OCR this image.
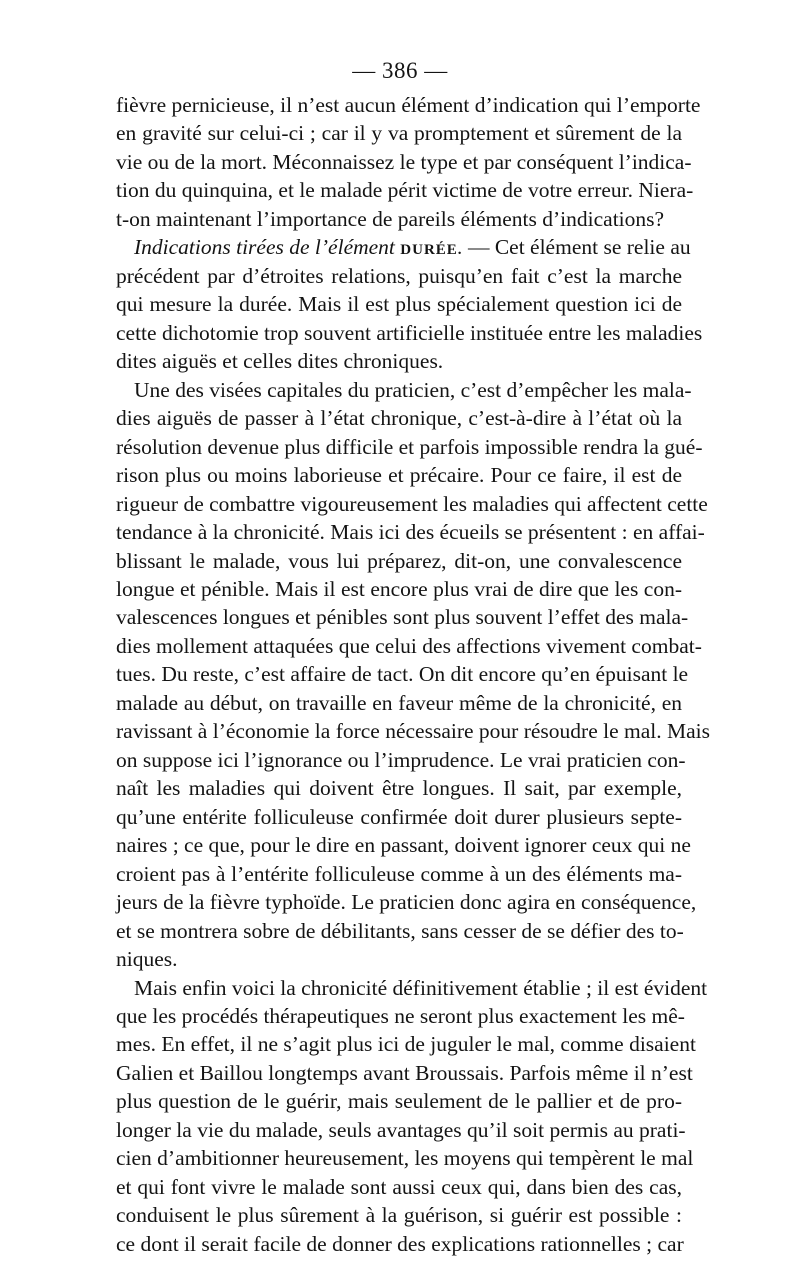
— 386 —
fièvre pernicieuse, il n’est aucun élément d’indication qui l’emporte
en gravité sur celui-ci ; car il y va promptement et sûrement de la
vie ou de la mort. Méconnaissez le type et par conséquent l’indica-
tion du quinquina, et le malade périt victime de votre erreur. Niera-
t-on maintenant l’importance de pareils éléments d’indications?
Indications tirées de l’élément DURÉE. — Cet élément se relie au
précédent par d’étroites relations, puisqu’en fait c’est la marche
qui mesure la durée. Mais il est plus spécialement question ici de
cette dichotomie trop souvent artificielle instituée entre les maladies
dites aiguës et celles dites chroniques.
Une des visées capitales du praticien, c’est d’empêcher les mala-
dies aiguës de passer à l’état chronique, c’est-à-dire à l’état où la
résolution devenue plus difficile et parfois impossible rendra la gué-
rison plus ou moins laborieuse et précaire. Pour ce faire, il est de
rigueur de combattre vigoureusement les maladies qui affectent cette
tendance à la chronicité. Mais ici des écueils se présentent : en affai-
blissant le malade, vous lui préparez, dit-on, une convalescence
longue et pénible. Mais il est encore plus vrai de dire que les con-
valescences longues et pénibles sont plus souvent l’effet des mala-
dies mollement attaquées que celui des affections vivement combat-
tues. Du reste, c’est affaire de tact. On dit encore qu’en épuisant le
malade au début, on travaille en faveur même de la chronicité, en
ravissant à l’économie la force nécessaire pour résoudre le mal. Mais
on suppose ici l’ignorance ou l’imprudence. Le vrai praticien con-
naît les maladies qui doivent être longues. Il sait, par exemple,
qu’une entérite folliculeuse confirmée doit durer plusieurs septe-
naires ; ce que, pour le dire en passant, doivent ignorer ceux qui ne
croient pas à l’entérite folliculeuse comme à un des éléments ma-
jeurs de la fièvre typhoïde. Le praticien donc agira en conséquence,
et se montrera sobre de débilitants, sans cesser de se défier des to-
niques.
Mais enfin voici la chronicité définitivement établie ; il est évident
que les procédés thérapeutiques ne seront plus exactement les mê-
mes. En effet, il ne s’agit plus ici de juguler le mal, comme disaient
Galien et Baillou longtemps avant Broussais. Parfois même il n’est
plus question de le guérir, mais seulement de le pallier et de pro-
longer la vie du malade, seuls avantages qu’il soit permis au prati-
cien d’ambitionner heureusement, les moyens qui tempèrent le mal
et qui font vivre le malade sont aussi ceux qui, dans bien des cas,
conduisent le plus sûrement à la guérison, si guérir est possible :
ce dont il serait facile de donner des explications rationnelles ; car
